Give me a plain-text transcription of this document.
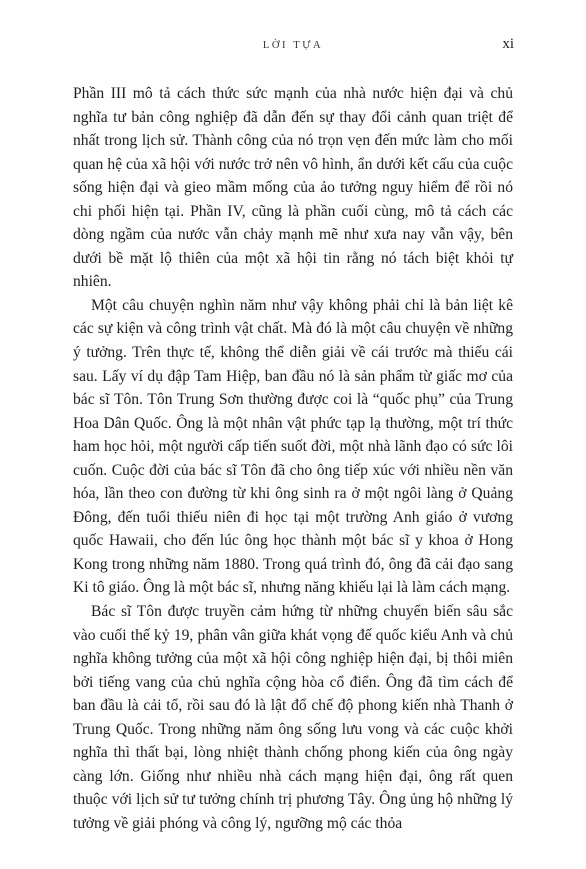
LỜI TỰA	xi

Phần III mô tả cách thức sức mạnh của nhà nước hiện đại và chủ nghĩa tư bản công nghiệp đã dẫn đến sự thay đổi cảnh quan triệt để nhất trong lịch sử. Thành công của nó trọn vẹn đến mức làm cho mối quan hệ của xã hội với nước trở nên vô hình, ẩn dưới kết cấu của cuộc sống hiện đại và gieo mầm mống của ảo tưởng nguy hiểm để rồi nó chi phối hiện tại. Phần IV, cũng là phần cuối cùng, mô tả cách các dòng ngầm của nước vẫn chảy mạnh mẽ như xưa nay vẫn vậy, bên dưới bề mặt lộ thiên của một xã hội tin rằng nó tách biệt khỏi tự nhiên.

Một câu chuyện nghìn năm như vậy không phải chỉ là bản liệt kê các sự kiện và công trình vật chất. Mà đó là một câu chuyện về những ý tưởng. Trên thực tế, không thể diễn giải về cái trước mà thiếu cái sau. Lấy ví dụ đập Tam Hiệp, ban đầu nó là sản phẩm từ giấc mơ của bác sĩ Tôn. Tôn Trung Sơn thường được coi là “quốc phụ” của Trung Hoa Dân Quốc. Ông là một nhân vật phức tạp lạ thường, một trí thức ham học hỏi, một người cấp tiến suốt đời, một nhà lãnh đạo có sức lôi cuốn. Cuộc đời của bác sĩ Tôn đã cho ông tiếp xúc với nhiều nền văn hóa, lần theo con đường từ khi ông sinh ra ở một ngôi làng ở Quảng Đông, đến tuổi thiếu niên đi học tại một trường Anh giáo ở vương quốc Hawaii, cho đến lúc ông học thành một bác sĩ y khoa ở Hong Kong trong những năm 1880. Trong quá trình đó, ông đã cải đạo sang Ki tô giáo. Ông là một bác sĩ, nhưng năng khiếu lại là làm cách mạng.

Bác sĩ Tôn được truyền cảm hứng từ những chuyển biến sâu sắc vào cuối thế kỷ 19, phân vân giữa khát vọng đế quốc kiểu Anh và chủ nghĩa không tưởng của một xã hội công nghiệp hiện đại, bị thôi miên bởi tiếng vang của chủ nghĩa cộng hòa cổ điển. Ông đã tìm cách để ban đầu là cải tổ, rồi sau đó là lật đổ chế độ phong kiến nhà Thanh ở Trung Quốc. Trong những năm ông sống lưu vong và các cuộc khởi nghĩa thì thất bại, lòng nhiệt thành chống phong kiến của ông ngày càng lớn. Giống như nhiều nhà cách mạng hiện đại, ông rất quen thuộc với lịch sử tư tưởng chính trị phương Tây. Ông ủng hộ những lý tưởng về giải phóng và công lý, ngưỡng mộ các thỏa
